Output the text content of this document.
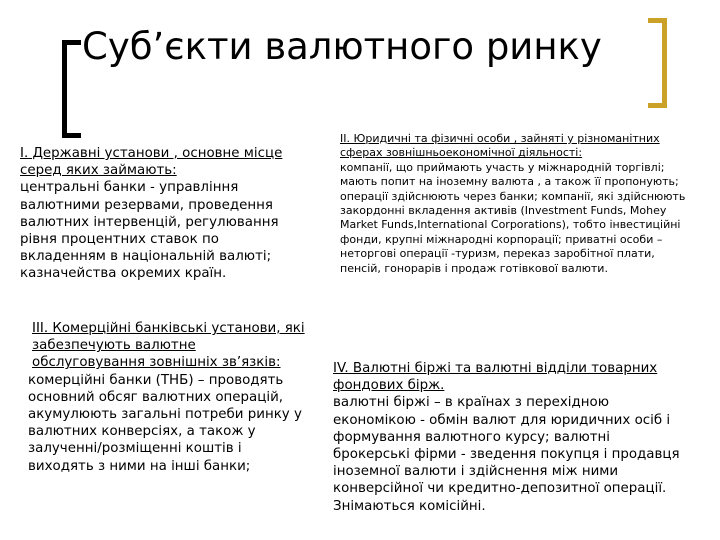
Суб’єкти валютного ринку

I. Державні установи , основне місце серед яких займають:

центральні банки - управління валютними резервами, проведення валютних інтервенцій, регулювання рівня процентних ставок по вкладенням в національній валюті; казначейства окремих країн.

II. Юридичні та фізичні особи , зайняті у різноманітних сферах зовнішньоекономічної діяльності:

компанії, що приймають участь у міжнародній торгівлі; мають попит на іноземну валюта , а також її пропонують; операції здійснюють через банки; компанії, які здійснюють закордонні вкладення активів (Investment Funds, Mohey Market Funds,International Corporations), тобто інвестиційні фонди, крупні міжнародні корпорації; приватні особи – неторгові операції -туризм, переказ заробітної плати, пенсій, гонорарів і продаж готівкової валюти.

III. Комерційні банківські установи, які забезпечують валютне обслуговування зовнішніх зв’язків:

комерційні банки (ТНБ) – проводять основний обсяг валютних операцій, акумулюють загальні потреби ринку у валютних конверсіях, а також у залученні/розміщенні коштів і виходять з ними на інші банки;

IV. Валютні біржі та валютні відділи товарних фондових бірж.

валютні біржі – в країнах з перехідною економікою - обмін валют для юридичних осіб і формування валютного курсу; валютні брокерські фірми - зведення покупця і продавця іноземної валюти і здійснення між ними конверсійної чи кредитно-депозитної операції. Знімаються комісійні.
